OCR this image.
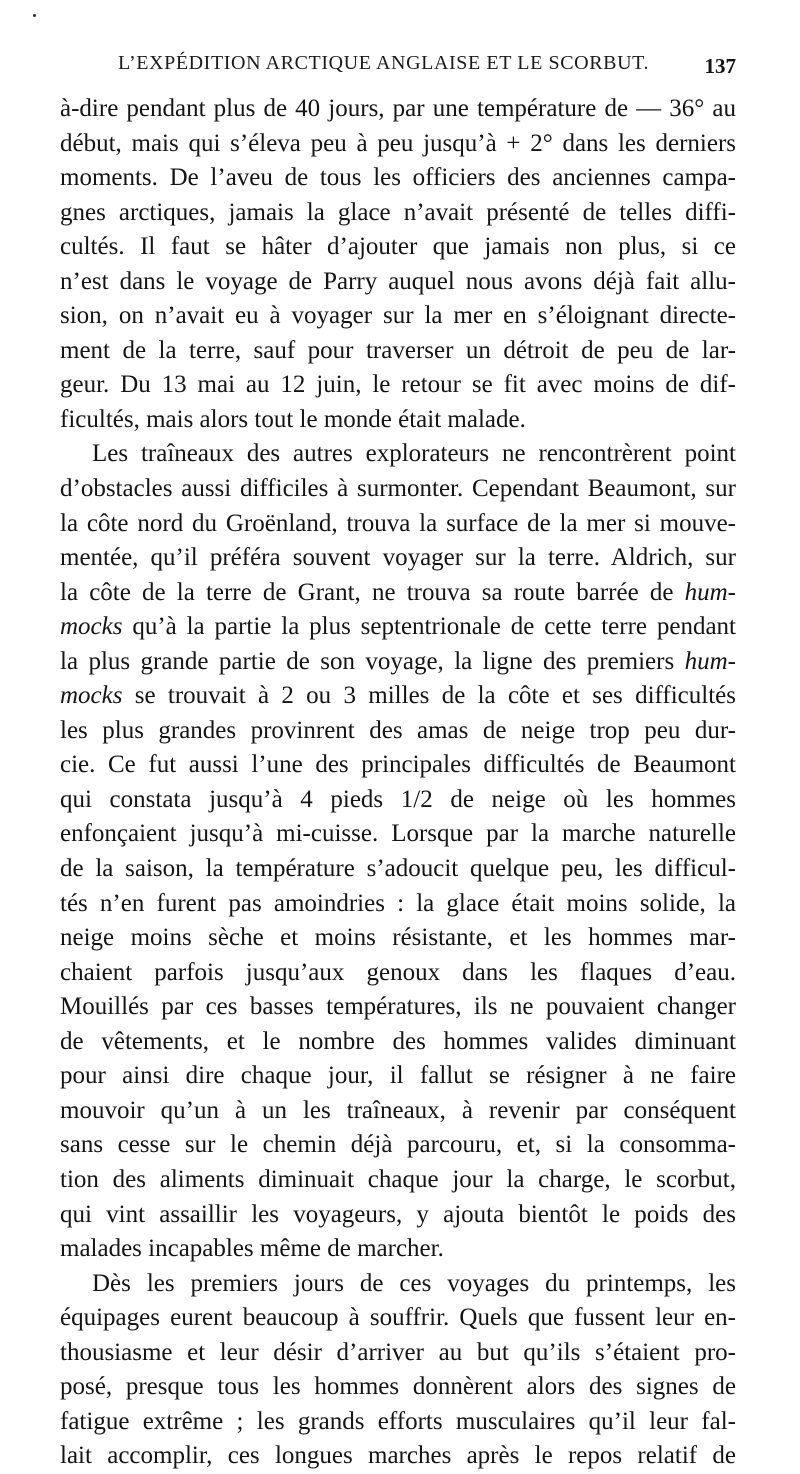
L’EXPÉDITION ARCTIQUE ANGLAISE ET LE SCORBUT.	137
à-dire pendant plus de 40 jours, par une température de — 36° au
début, mais qui s’éleva peu à peu jusqu’à + 2° dans les derniers
moments. De l’aveu de tous les officiers des anciennes campa-
gnes arctiques, jamais la glace n’avait présenté de telles diffi-
cultés. Il faut se hâter d’ajouter que jamais non plus, si ce
n’est dans le voyage de Parry auquel nous avons déjà fait allu-
sion, on n’avait eu à voyager sur la mer en s’éloignant directe-
ment de la terre, sauf pour traverser un détroit de peu de lar-
geur. Du 13 mai au 12 juin, le retour se fit avec moins de dif-
ficultés, mais alors tout le monde était malade.
Les traîneaux des autres explorateurs ne rencontrèrent point
d’obstacles aussi difficiles à surmonter. Cependant Beaumont, sur
la côte nord du Groënland, trouva la surface de la mer si mouve-
mentée, qu’il préféra souvent voyager sur la terre. Aldrich, sur
la côte de la terre de Grant, ne trouva sa route barrée de hum-
mocks qu’à la partie la plus septentrionale de cette terre pendant
la plus grande partie de son voyage, la ligne des premiers hum-
mocks se trouvait à 2 ou 3 milles de la côte et ses difficultés
les plus grandes provinrent des amas de neige trop peu dur-
cie. Ce fut aussi l’une des principales difficultés de Beaumont
qui constata jusqu’à 4 pieds 1/2 de neige où les hommes
enfonçaient jusqu’à mi-cuisse. Lorsque par la marche naturelle
de la saison, la température s’adoucit quelque peu, les difficul-
tés n’en furent pas amoindries : la glace était moins solide, la
neige moins sèche et moins résistante, et les hommes mar-
chaient parfois jusqu’aux genoux dans les flaques d’eau.
Mouillés par ces basses températures, ils ne pouvaient changer
de vêtements, et le nombre des hommes valides diminuant
pour ainsi dire chaque jour, il fallut se résigner à ne faire
mouvoir qu’un à un les traîneaux, à revenir par conséquent
sans cesse sur le chemin déjà parcouru, et, si la consomma-
tion des aliments diminuait chaque jour la charge, le scorbut,
qui vint assaillir les voyageurs, y ajouta bientôt le poids des
malades incapables même de marcher.
Dès les premiers jours de ces voyages du printemps, les
équipages eurent beaucoup à souffrir. Quels que fussent leur en-
thousiasme et leur désir d’arriver au but qu’ils s’étaient pro-
posé, presque tous les hommes donnèrent alors des signes de
fatigue extrême ; les grands efforts musculaires qu’il leur fal-
lait accomplir, ces longues marches après le repos relatif de
